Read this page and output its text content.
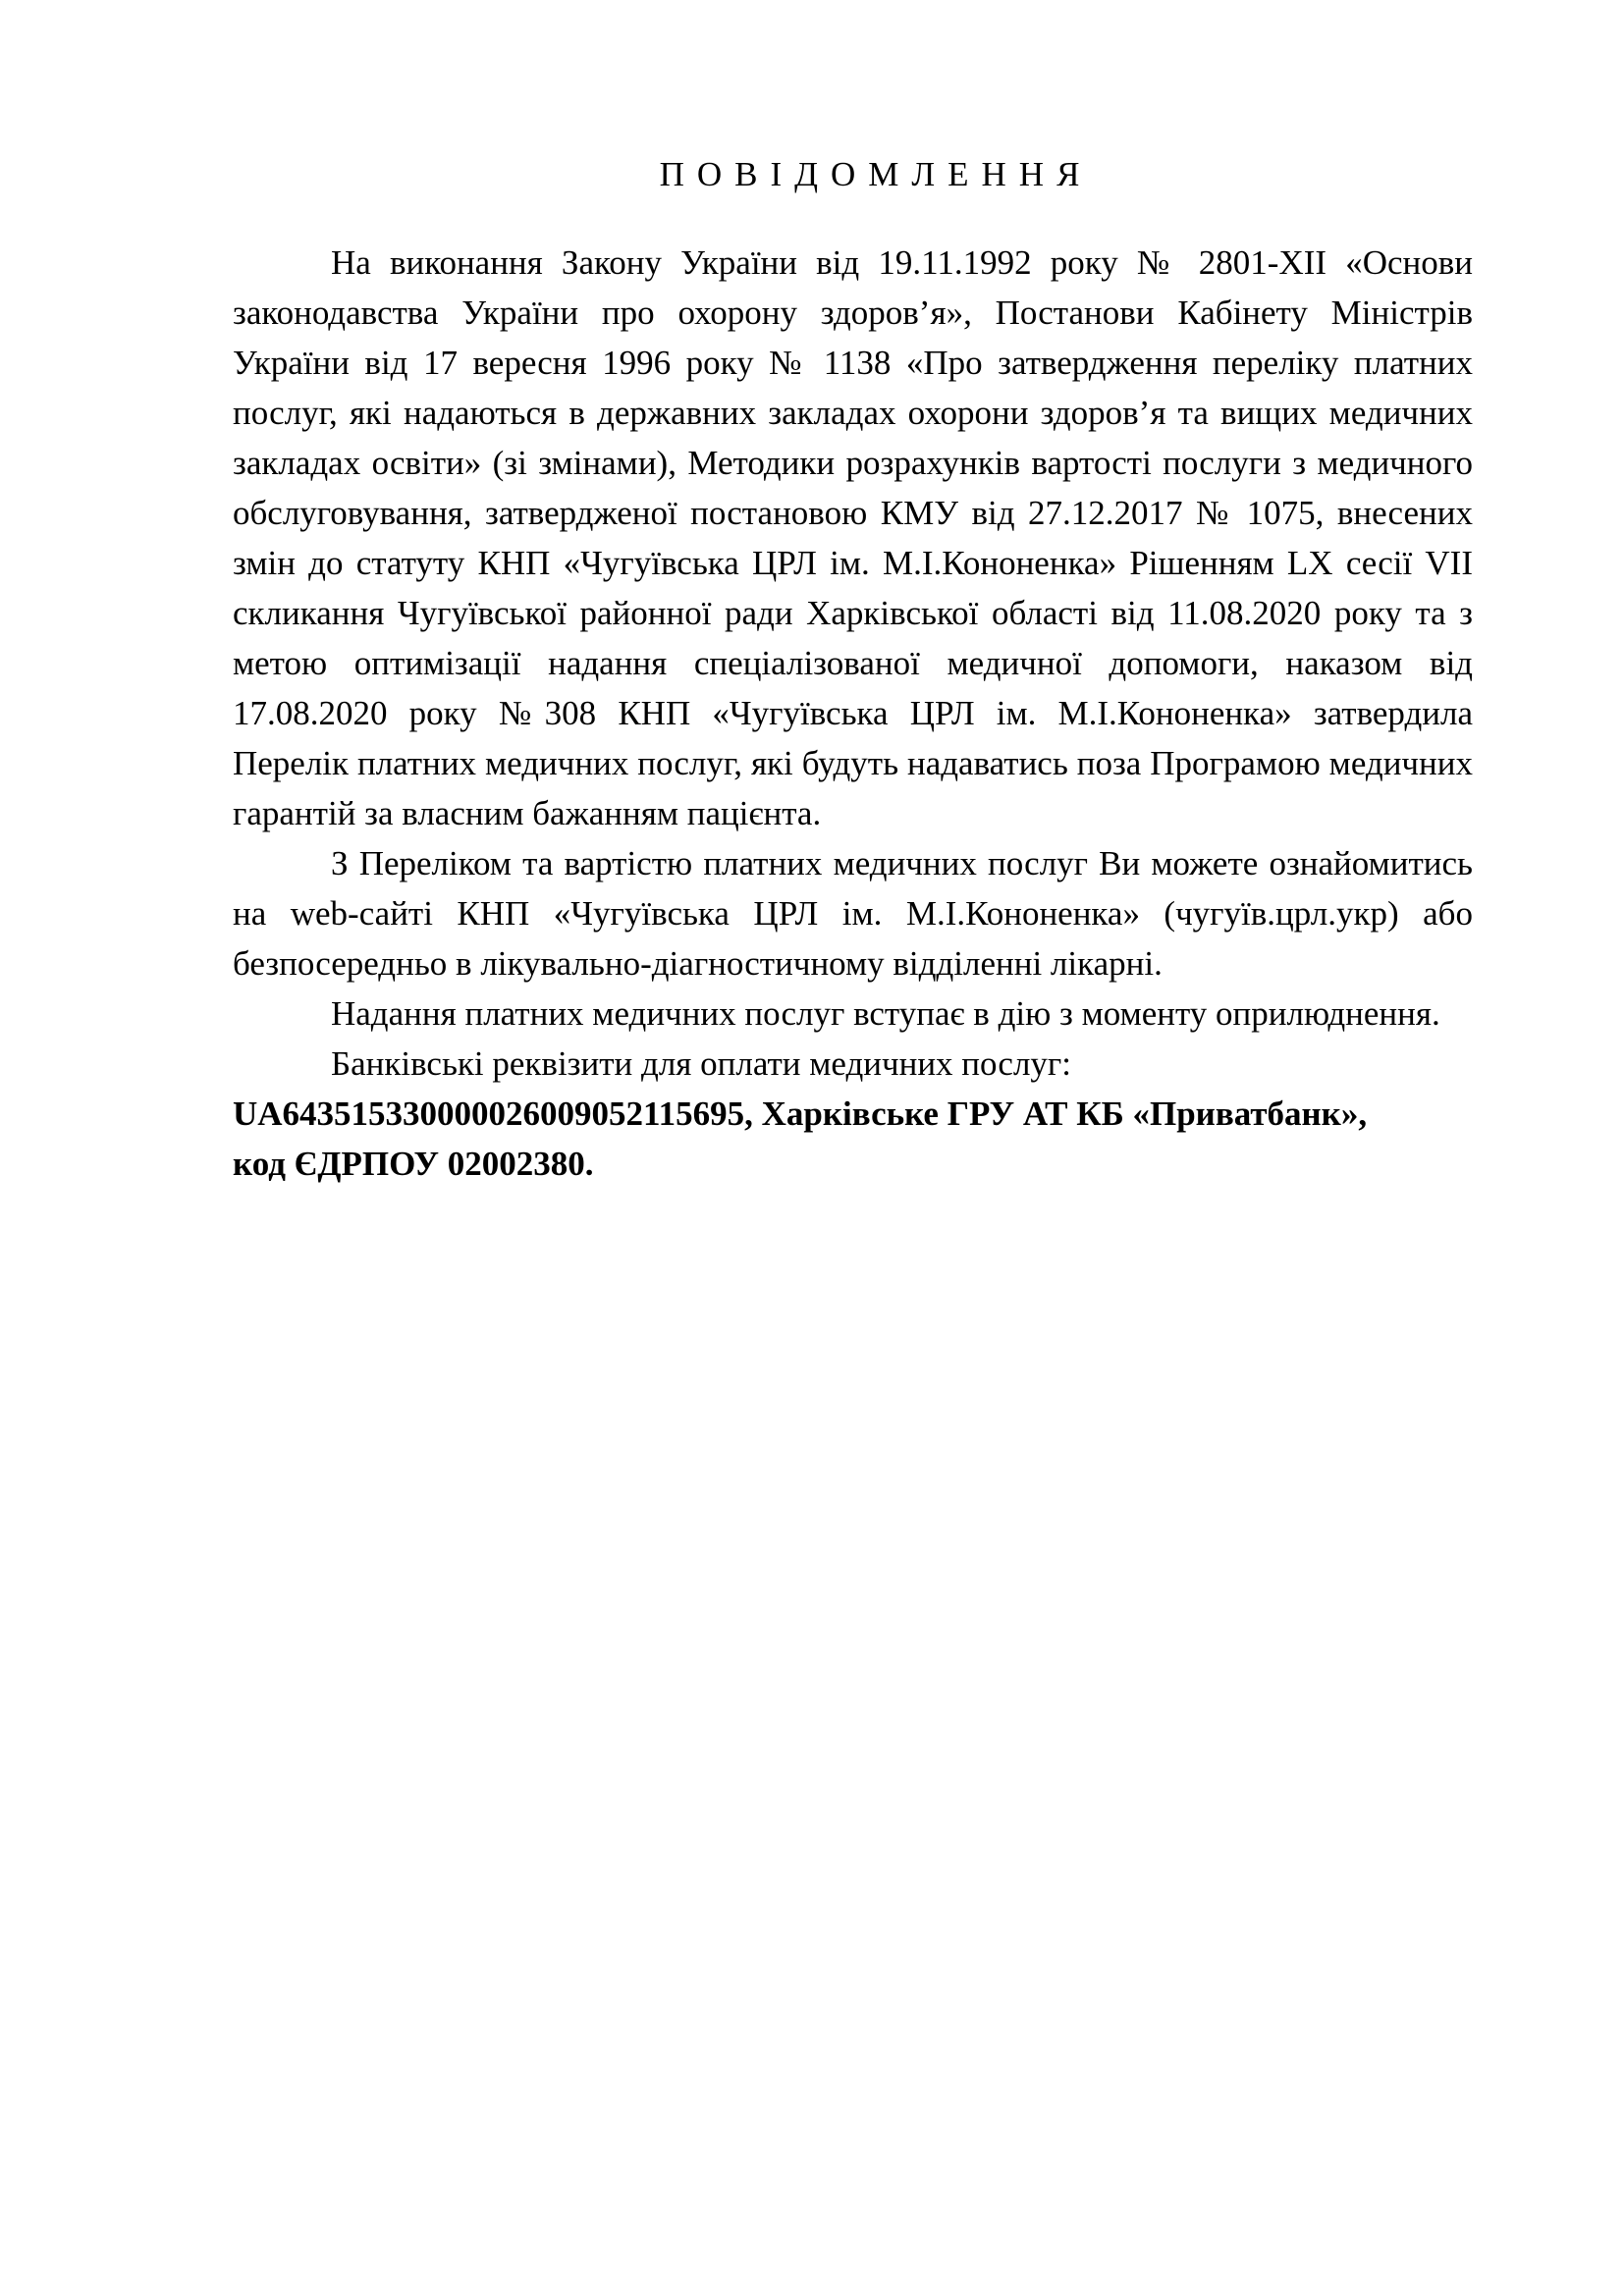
ПОВІДОМЛЕННЯ

На виконання Закону України від 19.11.1992 року № 2801-XII «Основи законодавства України про охорону здоров’я», Постанови Кабінету Міністрів України від 17 вересня 1996 року № 1138 «Про затвердження переліку платних послуг, які надаються в державних закладах охорони здоров’я та вищих медичних закладах освіти» (зі змінами), Методики розрахунків вартості послуги з медичного обслуговування, затвердженої постановою КМУ від 27.12.2017 № 1075, внесених змін до статуту КНП «Чугуївська ЦРЛ ім. М.І.Кононенка» Рішенням LX сесії VII скликання Чугуївської районної ради Харківської області від 11.08.2020 року та з метою оптимізації надання спеціалізованої медичної допомоги, наказом від 17.08.2020 року №308 КНП «Чугуївська ЦРЛ ім. М.І.Кононенка» затвердила Перелік платних медичних послуг, які будуть надаватись поза Програмою медичних гарантій за власним бажанням пацієнта.

З Переліком та вартістю платних медичних послуг Ви можете ознайомитись на web-сайті КНП «Чугуївська ЦРЛ ім. М.І.Кононенка» (чугуїв.црл.укр) або безпосередньо в лікувально-діагностичному відділенні лікарні.

Надання платних медичних послуг вступає в дію з моменту оприлюднення.

Банківські реквізити для оплати медичних послуг:

UA643515330000026009052115695, Харківське ГРУ АТ КБ «Приватбанк»,
код ЄДРПОУ 02002380.
